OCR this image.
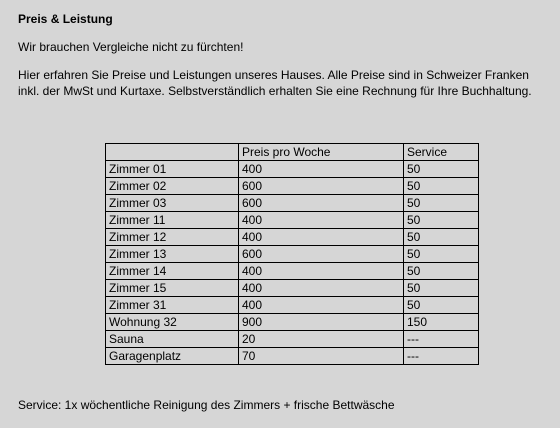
Preis & Leistung

Wir brauchen Vergleiche nicht zu fürchten!

Hier erfahren Sie Preise und Leistungen unseres Hauses. Alle Preise sind in Schweizer Franken inkl. der MwSt und Kurtaxe. Selbstverständlich erhalten Sie eine Rechnung für Ihre Buchhaltung.

	Preis pro Woche	Service
Zimmer 01	400	50
Zimmer 02	600	50
Zimmer 03	600	50
Zimmer 11	400	50
Zimmer 12	400	50
Zimmer 13	600	50
Zimmer 14	400	50
Zimmer 15	400	50
Zimmer 31	400	50
Wohnung 32	900	150
Sauna	20	---
Garagenplatz	70	---

Service: 1x wöchentliche Reinigung des Zimmers + frische Bettwäsche
